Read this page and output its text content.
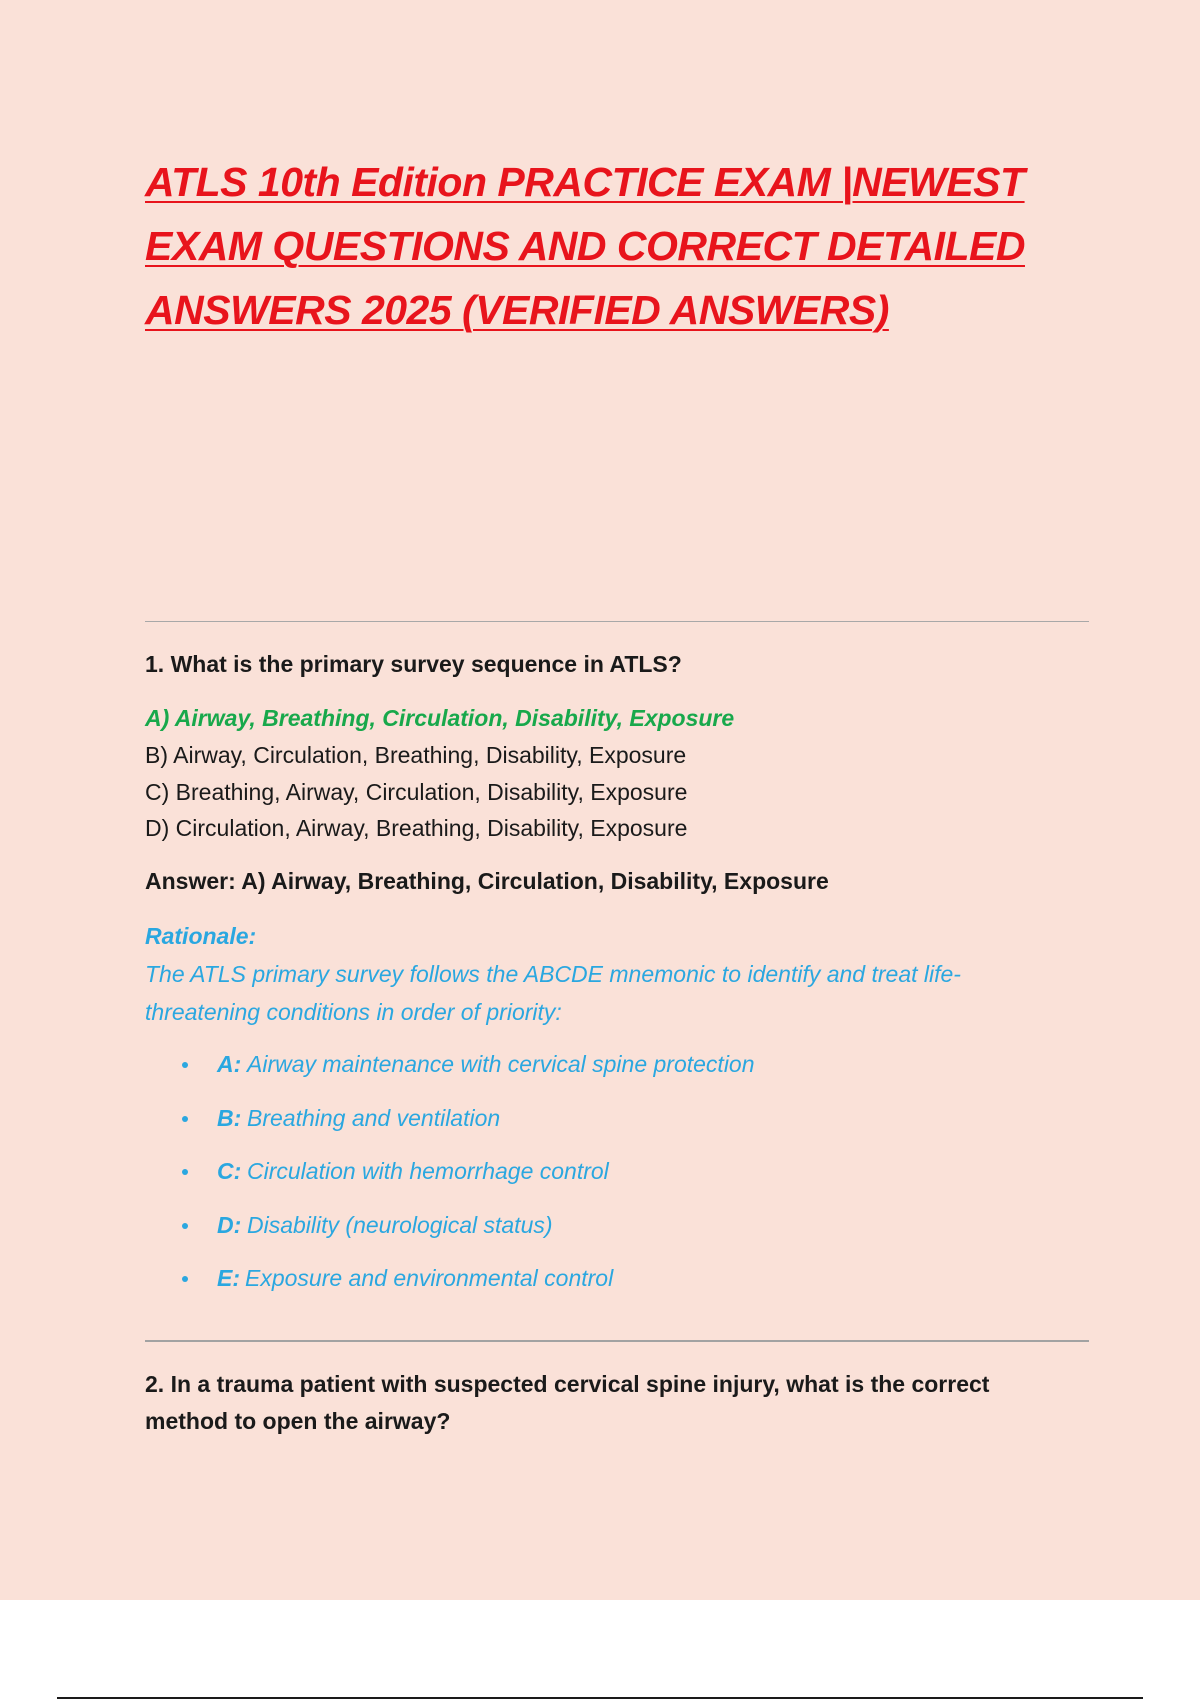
ATLS 10th Edition PRACTICE EXAM |NEWEST EXAM QUESTIONS AND CORRECT DETAILED ANSWERS 2025 (VERIFIED ANSWERS)

1. What is the primary survey sequence in ATLS?

A) Airway, Breathing, Circulation, Disability, Exposure

B) Airway, Circulation, Breathing, Disability, Exposure

C) Breathing, Airway, Circulation, Disability, Exposure

D) Circulation, Airway, Breathing, Disability, Exposure

Answer: A) Airway, Breathing, Circulation, Disability, Exposure

Rationale:

The ATLS primary survey follows the ABCDE mnemonic to identify and treat life-threatening conditions in order of priority:

A: Airway maintenance with cervical spine protection
B: Breathing and ventilation
C: Circulation with hemorrhage control
D: Disability (neurological status)
E: Exposure and environmental control

2. In a trauma patient with suspected cervical spine injury, what is the correct method to open the airway?
